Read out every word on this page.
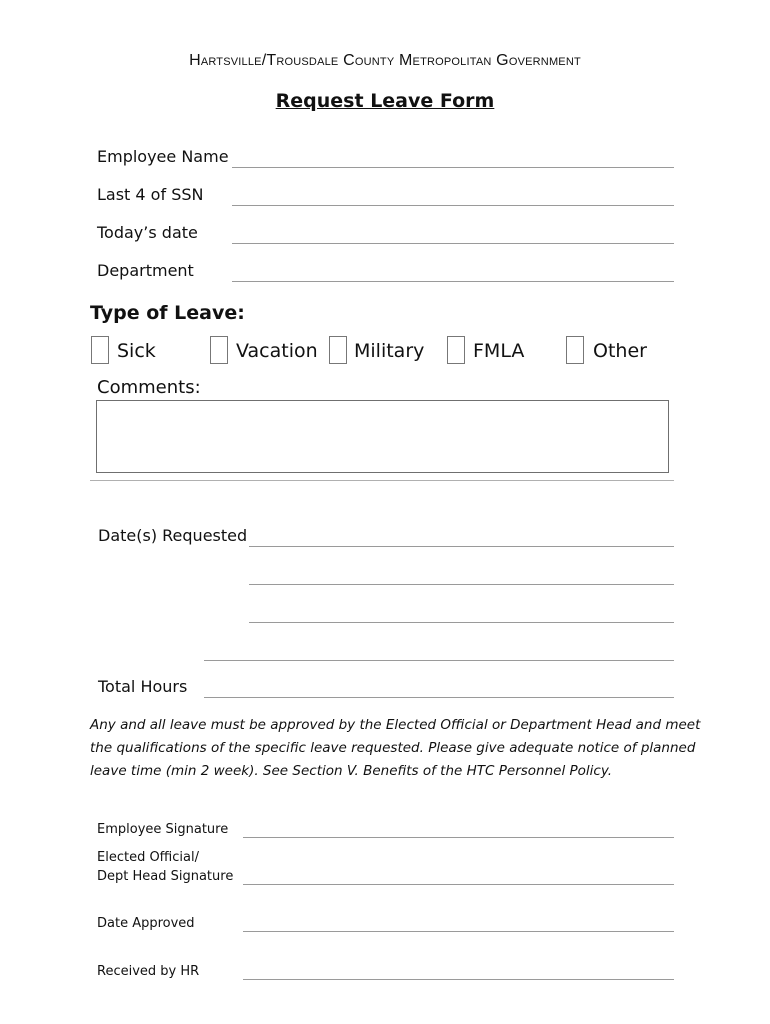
Hartsville/Trousdale County Metropolitan Government
Request Leave Form
Employee Name
Last 4 of SSN
Today’s date
Department
Type of Leave:
Sick	Vacation Military	FMLA	Other
Comments:
Date(s) Requested
Total Hours
Any and all leave must be approved by the Elected Official or Department Head and meet
the qualifications of the specific leave requested. Please give adequate notice of planned
leave time (min 2 week). See Section V. Benefits of the HTC Personnel Policy.
Employee Signature
Elected Official/
Dept Head Signature
Date Approved
Received by HR
